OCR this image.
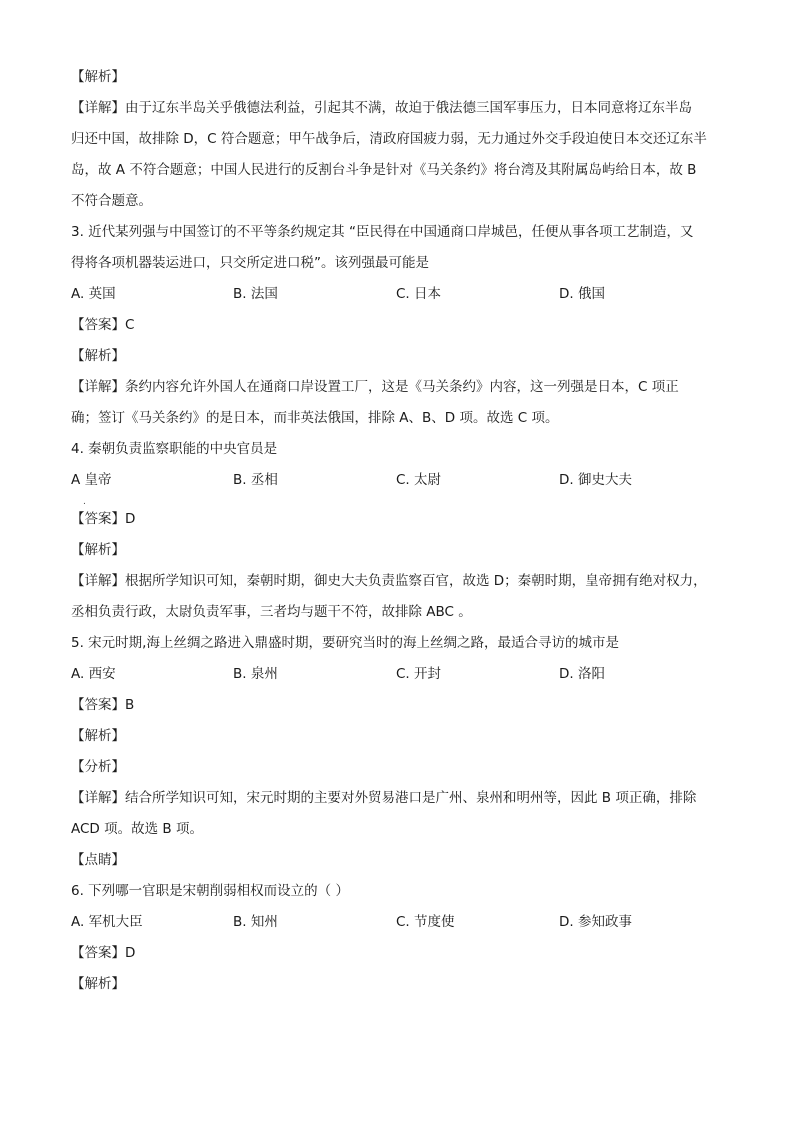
【解析】
【详解】由于辽东半岛关乎俄德法利益，引起其不满，故迫于俄法德三国军事压力，日本同意将辽东半岛
归还中国，故排除 D，C 符合题意；甲午战争后，清政府国疲力弱，无力通过外交手段迫使日本交还辽东半
岛，故 A 不符合题意；中国人民进行的反割台斗争是针对《马关条约》将台湾及其附属岛屿给日本，故 B
不符合题意。
3. 近代某列强与中国签订的不平等条约规定其 “臣民得在中国通商口岸城邑，任便从事各项工艺制造，又
得将各项机器装运进口，只交所定进口税”。该列强最可能是
A. 英国	B. 法国	C. 日本	D. 俄国
【答案】C
【解析】
【详解】条约内容允许外国人在通商口岸设置工厂，这是《马关条约》内容，这一列强是日本，C 项正
确；签订《马关条约》的是日本，而非英法俄国，排除 A、B、D 项。故选 C 项。
4. 秦朝负责监察职能的中央官员是
A 皇帝	B. 丞相	C. 太尉	D. 御史大夫
【答案】D
【解析】
【详解】根据所学知识可知，秦朝时期，御史大夫负责监察百官，故选 D；秦朝时期，皇帝拥有绝对权力，
丞相负责行政，太尉负责军事，三者均与题干不符，故排除 ABC 。
5. 宋元时期,海上丝绸之路进入鼎盛时期，要研究当时的海上丝绸之路，最适合寻访的城市是
A. 西安	B. 泉州	C. 开封	D. 洛阳
【答案】B
【解析】
【分析】
【详解】结合所学知识可知，宋元时期的主要对外贸易港口是广州、泉州和明州等，因此 B 项正确，排除
ACD 项。故选 B 项。
【点睛】
6. 下列哪一官职是宋朝削弱相权而设立的（ ）
A. 军机大臣	B. 知州	C. 节度使	D. 参知政事
【答案】D
【解析】
.
